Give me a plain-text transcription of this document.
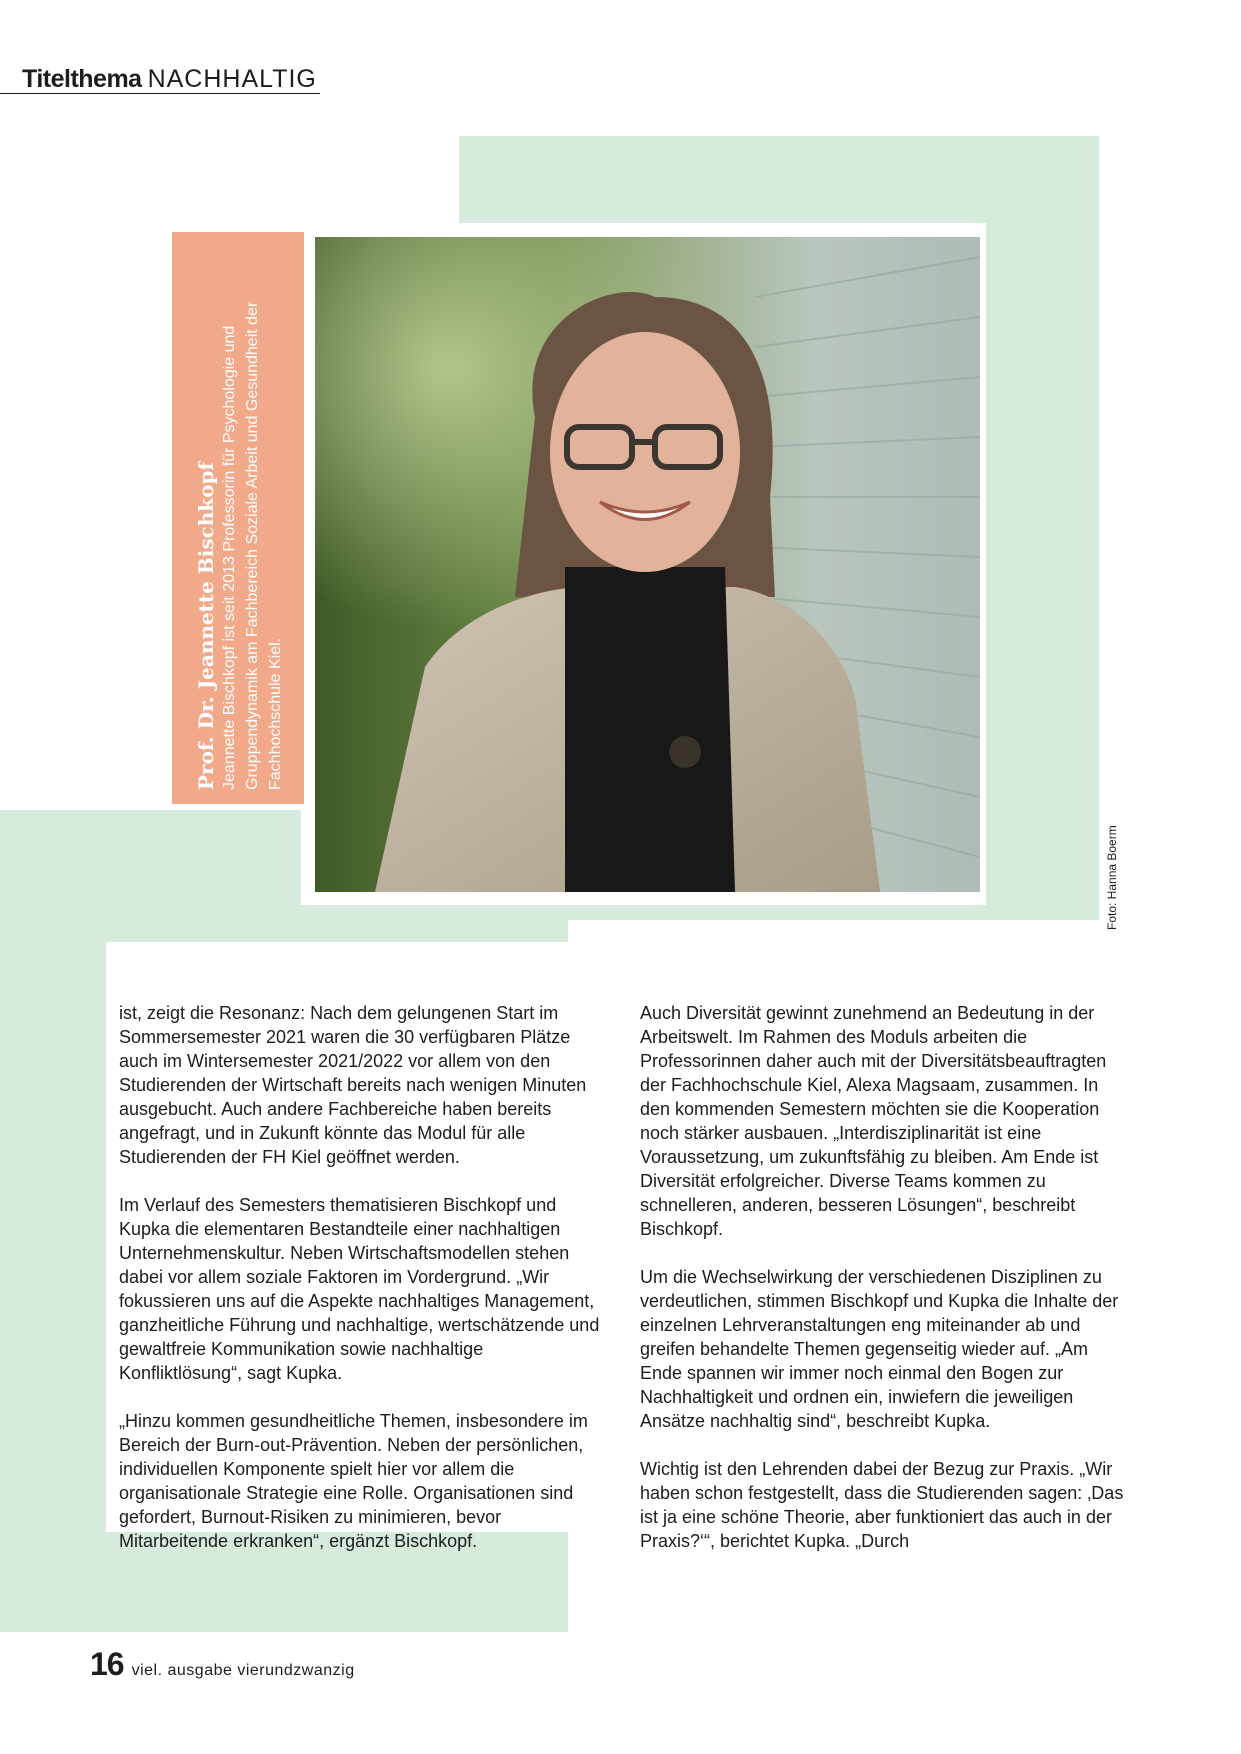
Titelthema NACHHALTIG
Prof. Dr. Jeannette Bischkopf Jeannette Bischkopf ist seit 2013 Professorin für Psychologie und Gruppendynamik am Fachbereich Soziale Arbeit und Gesundheit der Fachhochschule Kiel.
Foto: Hanna Boerm

ist, zeigt die Resonanz: Nach dem gelungenen Start im Sommersemester 2021 waren die 30 verfügbaren Plätze auch im Wintersemester 2021/2022 vor allem von den Studierenden der Wirtschaft bereits nach wenigen Minuten ausgebucht. Auch andere Fachbereiche haben bereits angefragt, und in Zukunft könnte das Modul für alle Studierenden der FH Kiel geöffnet werden.

Im Verlauf des Semesters thematisieren Bischkopf und Kupka die elementaren Bestandteile einer nachhaltigen Unternehmenskultur. Neben Wirtschaftsmodellen stehen dabei vor allem soziale Faktoren im Vordergrund. „Wir fokussieren uns auf die Aspekte nachhaltiges Management, ganzheitliche Führung und nachhaltige, wertschätzende und gewaltfreie Kommunikation sowie nachhaltige Konfliktlösung“, sagt Kupka.

„Hinzu kommen gesundheitliche Themen, insbesondere im Bereich der Burn-out-Prävention. Neben der persönlichen, individuellen Komponente spielt hier vor allem die organisationale Strategie eine Rolle. Organisationen sind gefordert, Burnout-Risiken zu minimieren, bevor Mitarbeitende erkranken“, ergänzt Bischkopf.

Auch Diversität gewinnt zunehmend an Bedeutung in der Arbeitswelt. Im Rahmen des Moduls arbeiten die Professorinnen daher auch mit der Diversitätsbeauftragten der Fachhochschule Kiel, Alexa Magsaam, zusammen. In den kommenden Semestern möchten sie die Kooperation noch stärker ausbauen. „Interdisziplinarität ist eine Voraussetzung, um zukunftsfähig zu bleiben. Am Ende ist Diversität erfolgreicher. Diverse Teams kommen zu schnelleren, anderen, besseren Lösungen“, beschreibt Bischkopf.

Um die Wechselwirkung der verschiedenen Disziplinen zu verdeutlichen, stimmen Bischkopf und Kupka die Inhalte der einzelnen Lehrveranstaltungen eng miteinander ab und greifen behandelte Themen gegenseitig wieder auf. „Am Ende spannen wir immer noch einmal den Bogen zur Nachhaltigkeit und ordnen ein, inwiefern die jeweiligen Ansätze nachhaltig sind“, beschreibt Kupka.

Wichtig ist den Lehrenden dabei der Bezug zur Praxis. „Wir haben schon festgestellt, dass die Studierenden sagen: ‚Das ist ja eine schöne Theorie, aber funktioniert das auch in der Praxis?‘“, berichtet Kupka. „Durch

16 viel. ausgabe vierundzwanzig
